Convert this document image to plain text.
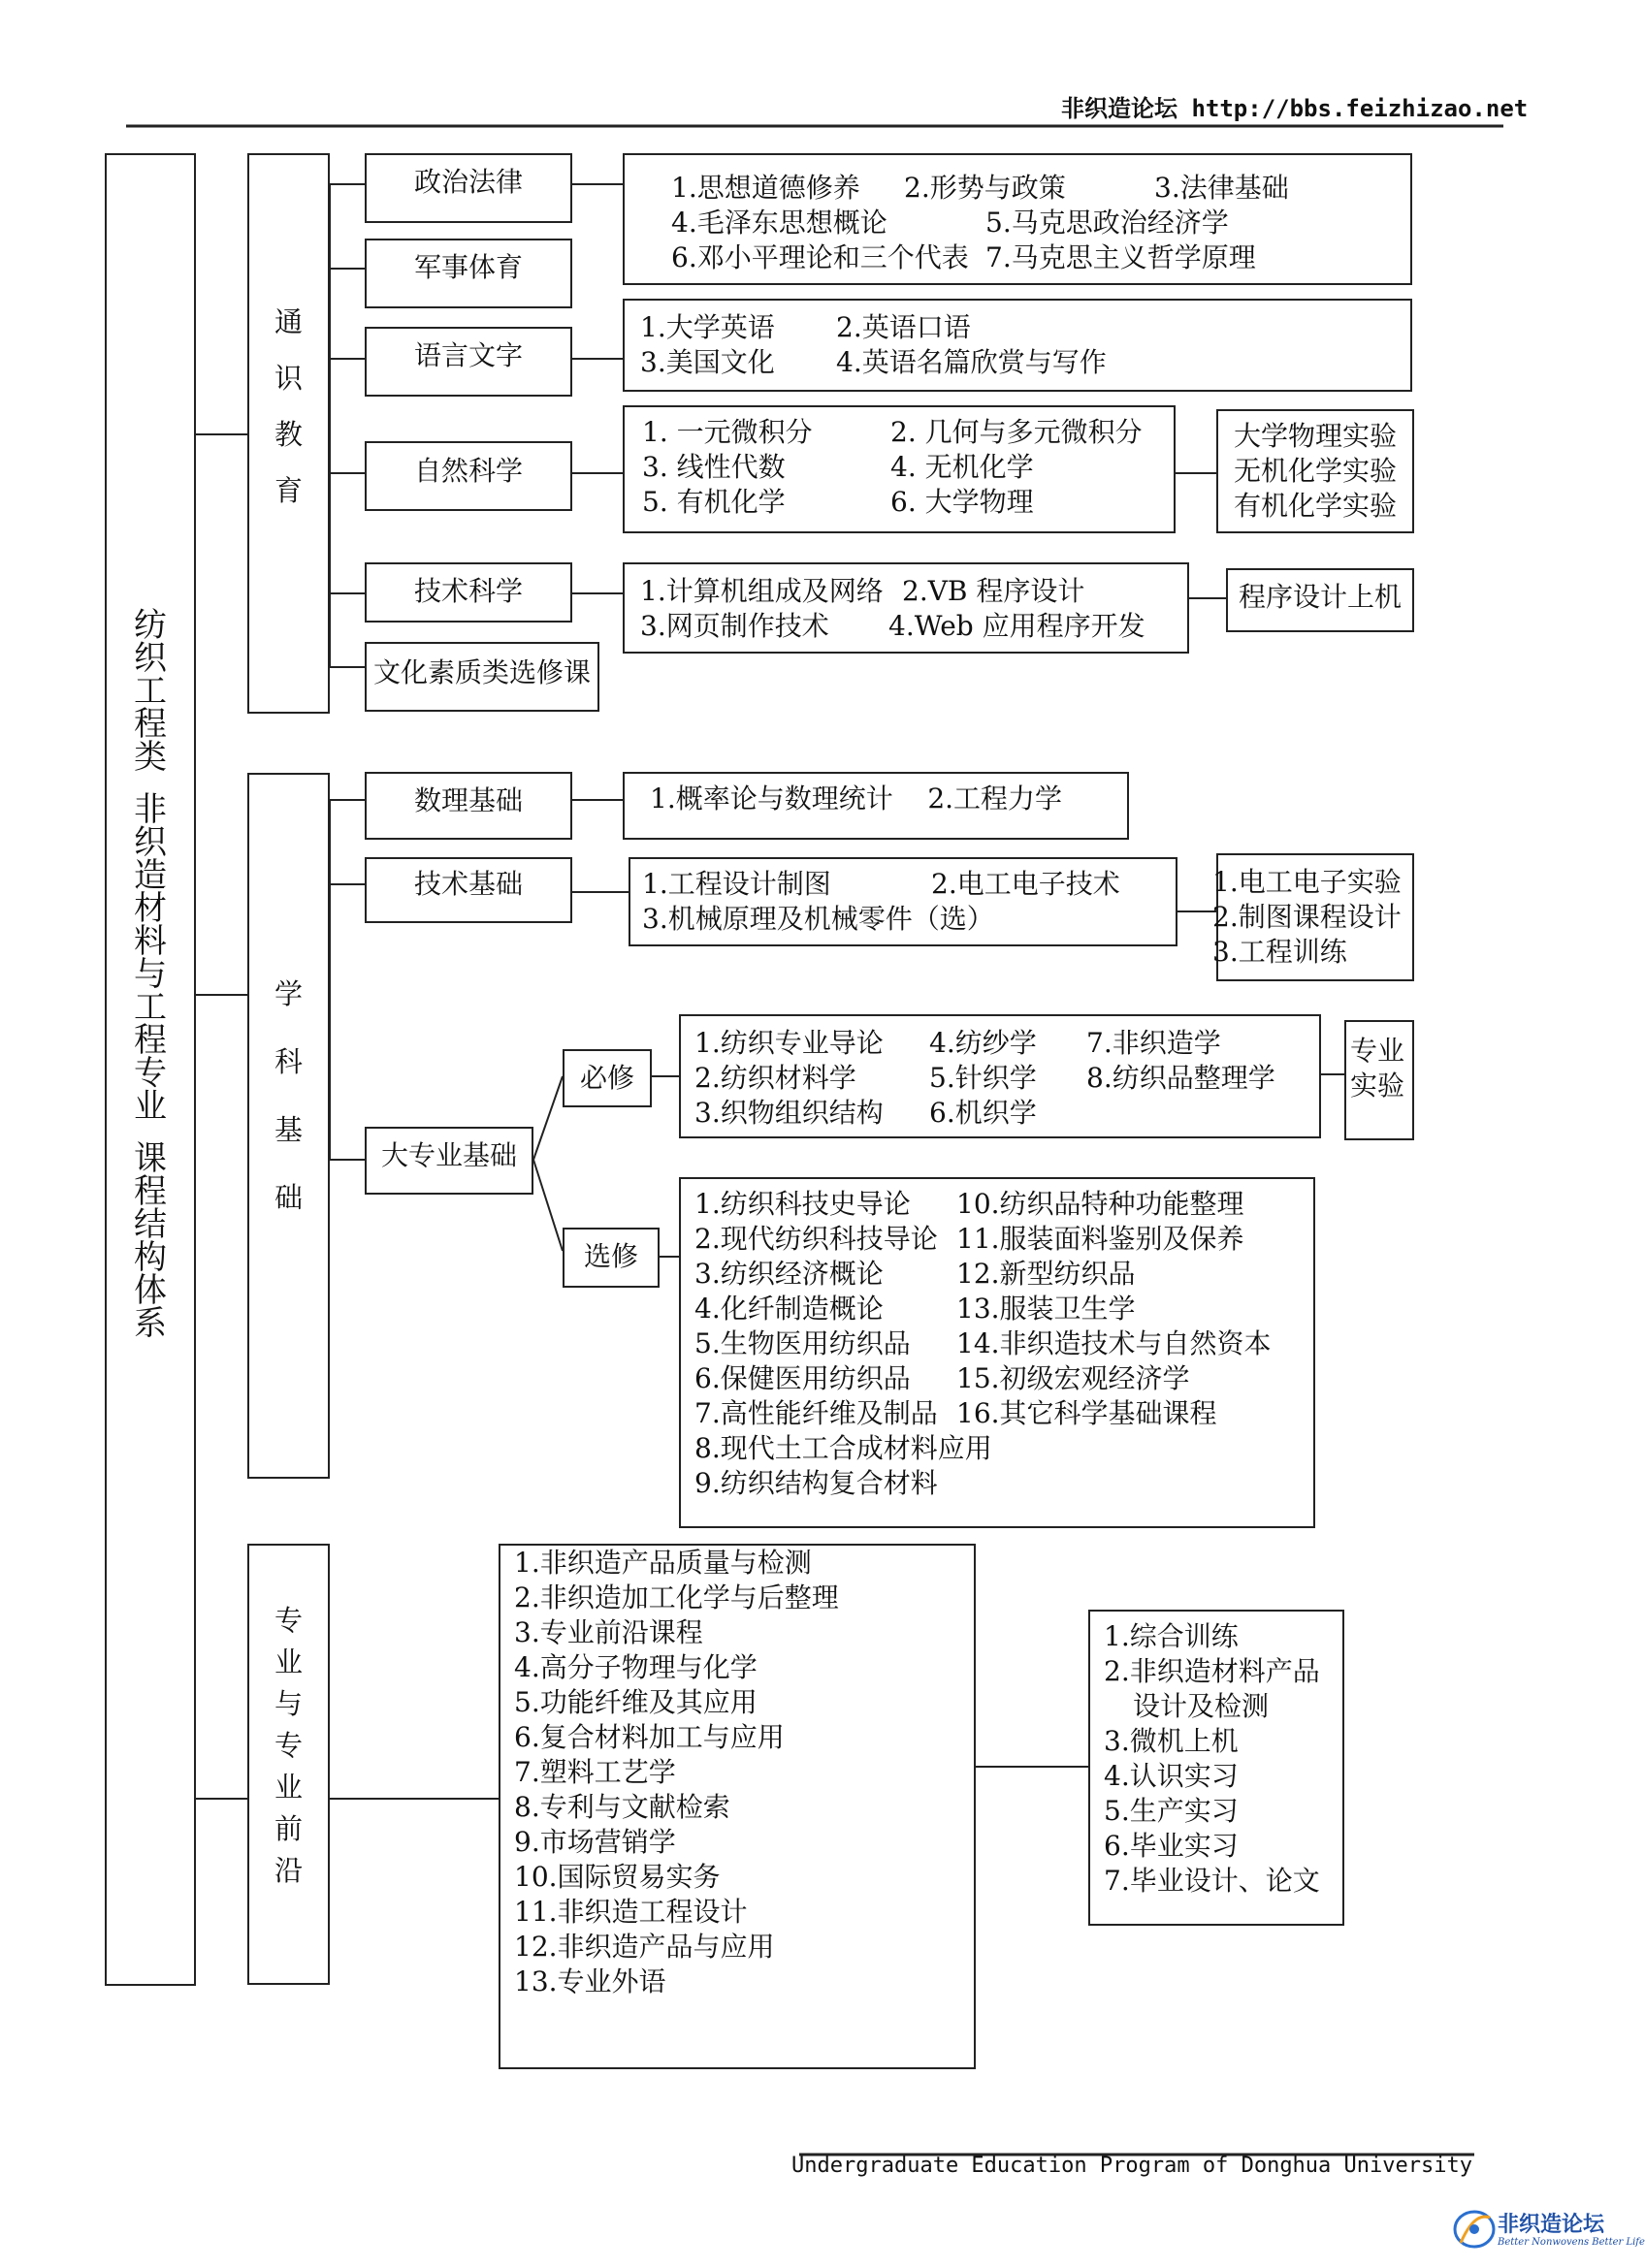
非织造论坛 http://bbs.feizhizao.net
纺
织
工
程
类
非
织
造
材
料
与
工
程
专
业
课
程
结
构
体
系
通
识
教
育
学
科
基
础
专
业
与
专
业
前
沿
政治法律
军事体育
语言文字
自然科学
技术科学
文化素质类选修课
1.思想道德修养 2.形势与政策	3.法律基础
4.毛泽东思想概论	5.马克思政治经济学
6.邓小平理论和三个代表 7.马克思主义哲学原理
1.大学英语 2.英语口语
3.美国文化 4.英语名篇欣赏与写作
1. 一元微积分	2. 几何与多元微积分
3. 线性代数	4. 无机化学
5. 有机化学	6. 大学物理
大学物理实验
无机化学实验
有机化学实验
1.计算机组成及网络 2.VB 程序设计
3.网页制作技术 4.Web 应用程序开发
程序设计上机
数理基础	1.概率论与数理统计    2.工程力学
技术基础	1.工程设计制图	2.电工电子技术
3.机械原理及机械零件（选）
1.电工电子实验
2.制图课程设计
3.工程训练
大专业基础
必修
选修
1.纺织专业导论 4.纺纱学 7.非织造学
2.纺织材料学	5.针织学 8.纺织品整理学
3.织物组织结构 6.机织学
专业
实验
1.纺织科技史导论
2.现代纺织科技导论
3.纺织经济概论
4.化纤制造概论
5.生物医用纺织品
6.保健医用纺织品
7.高性能纤维及制品
8.现代土工合成材料应用
9.纺织结构复合材料
10.纺织品特种功能整理
11.服装面料鉴别及保养
12.新型纺织品
13.服装卫生学
14.非织造技术与自然资本
15.初级宏观经济学
16.其它科学基础课程
1.非织造产品质量与检测
2.非织造加工化学与后整理
3.专业前沿课程
4.高分子物理与化学
5.功能纤维及其应用
6.复合材料加工与应用
7.塑料工艺学
8.专利与文献检索
9.市场营销学
10.国际贸易实务
11.非织造工程设计
12.非织造产品与应用
13.专业外语
1.综合训练
2.非织造材料产品
设计及检测
3.微机上机
4.认识实习
5.生产实习
6.毕业实习
7.毕业设计、论文
Undergraduate Education Program of Donghua University
非织造论坛
Better Nonwovens Better Life
